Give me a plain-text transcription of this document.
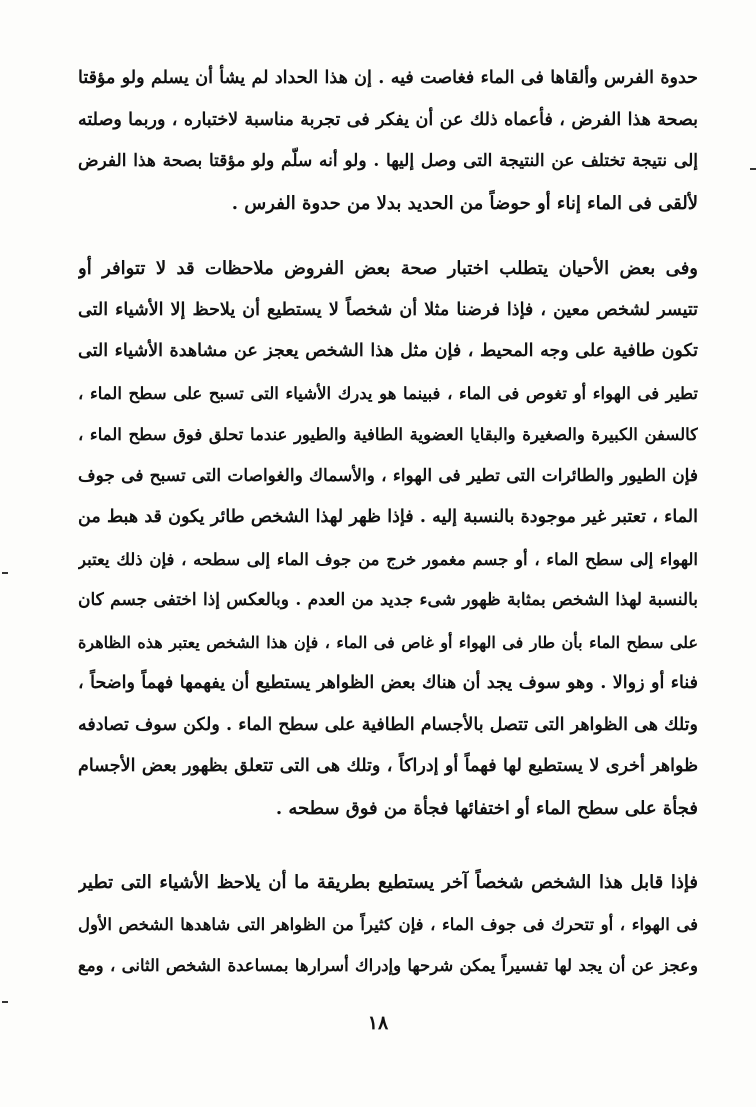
حدوة الفرس وألقاها فى الماء فغاصت فيه . إن هذا الحداد لم يشأ أن يسلم ولو مؤقتا
بصحة هذا الفرض ، فأعماه ذلك عن أن يفكر فى تجربة مناسبة لاختباره ، وربما وصلته
إلى نتيجة تختلف عن النتيجة التى وصل إليها . ولو أنه سلّم ولو مؤقتا بصحة هذا الفرض
لألقى فى الماء إناء أو حوضاً من الحديد بدلا من حدوة الفرس .
وفى بعض الأحيان يتطلب اختبار صحة بعض الفروض ملاحظات قد لا تتوافر أو
تتيسر لشخص معين ، فإذا فرضنا مثلا أن شخصاً لا يستطيع أن يلاحظ إلا الأشياء التى
تكون طافية على وجه المحيط ، فإن مثل هذا الشخص يعجز عن مشاهدة الأشياء التى
تطير فى الهواء أو تغوص فى الماء ، فبينما هو يدرك الأشياء التى تسبح على سطح الماء ،
كالسفن الكبيرة والصغيرة والبقايا العضوية الطافية والطيور عندما تحلق فوق سطح الماء ،
فإن الطيور والطائرات التى تطير فى الهواء ، والأسماك والغواصات التى تسبح فى جوف
الماء ، تعتبر غير موجودة بالنسبة إليه . فإذا ظهر لهذا الشخص طائر يكون قد هبط من
الهواء إلى سطح الماء ، أو جسم مغمور خرج من جوف الماء إلى سطحه ، فإن ذلك يعتبر
بالنسبة لهذا الشخص بمثابة ظهور شىء جديد من العدم . وبالعكس إذا اختفى جسم كان
على سطح الماء بأن طار فى الهواء أو غاص فى الماء ، فإن هذا الشخص يعتبر هذه الظاهرة
فناء أو زوالا . وهو سوف يجد أن هناك بعض الظواهر يستطيع أن يفهمها فهماً واضحاً ،
وتلك هى الظواهر التى تتصل بالأجسام الطافية على سطح الماء . ولكن سوف تصادفه
ظواهر أخرى لا يستطيع لها فهماً أو إدراكاً ، وتلك هى التى تتعلق بظهور بعض الأجسام
فجأة على سطح الماء أو اختفائها فجأة من فوق سطحه .
فإذا قابل هذا الشخص شخصاً آخر يستطيع بطريقة ما أن يلاحظ الأشياء التى تطير
فى الهواء ، أو تتحرك فى جوف الماء ، فإن كثيراً من الظواهر التى شاهدها الشخص الأول
وعجز عن أن يجد لها تفسيراً يمكن شرحها وإدراك أسرارها بمساعدة الشخص الثانى ، ومع
١٨
